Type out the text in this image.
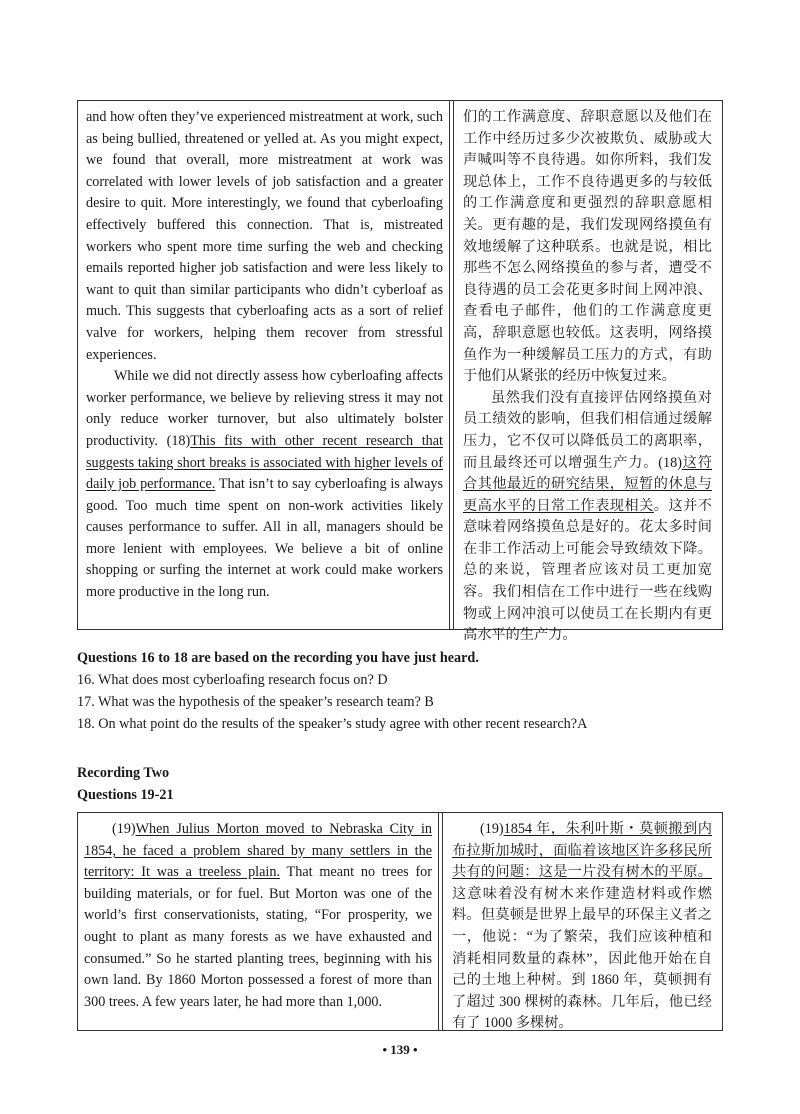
and how often they’ve experienced mistreatment at work, such as being bullied, threatened or yelled at. As you might expect, we found that overall, more mistreatment at work was correlated with lower levels of job satisfaction and a greater desire to quit. More interestingly, we found that cyberloafing effectively buffered this connection. That is, mistreated workers who spent more time surfing the web and checking emails reported higher job satisfaction and were less likely to want to quit than similar participants who didn’t cyberloaf as much. This suggests that cyberloafing acts as a sort of relief valve for workers, helping them recover from stressful experiences.

While we did not directly assess how cyberloafing affects worker performance, we believe by relieving stress it may not only reduce worker turnover, but also ultimately bolster productivity. (18)This fits with other recent research that suggests taking short breaks is associated with higher levels of daily job performance. That isn’t to say cyberloafing is always good. Too much time spent on non-work activities likely causes performance to suffer. All in all, managers should be more lenient with employees. We believe a bit of online shopping or surfing the internet at work could make workers more productive in the long run.

们的工作满意度、辞职意愿以及他们在工作中经历过多少次被欺负、威胁或大声喊叫等不良待遇。如你所料，我们发现总体上，工作不良待遇更多的与较低的工作满意度和更强烈的辞职意愿相关。更有趣的是，我们发现网络摸鱼有效地缓解了这种联系。也就是说，相比那些不怎么网络摸鱼的参与者，遭受不良待遇的员工会花更多时间上网冲浪、查看电子邮件，他们的工作满意度更高，辞职意愿也较低。这表明，网络摸鱼作为一种缓解员工压力的方式，有助于他们从紧张的经历中恢复过来。

虽然我们没有直接评估网络摸鱼对员工绩效的影响，但我们相信通过缓解压力，它不仅可以降低员工的离职率，而且最终还可以增强生产力。(18)这符合其他最近的研究结果，短暂的休息与更高水平的日常工作表现相关。这并不意味着网络摸鱼总是好的。花太多时间在非工作活动上可能会导致绩效下降。总的来说，管理者应该对员工更加宽容。我们相信在工作中进行一些在线购物或上网冲浪可以使员工在长期内有更高水平的生产力。

Questions 16 to 18 are based on the recording you have just heard.

16. What does most cyberloafing research focus on? D

17. What was the hypothesis of the speaker’s research team? B

18. On what point do the results of the speaker’s study agree with other recent research?A

Recording Two

Questions 19-21

(19)When Julius Morton moved to Nebraska City in 1854, he faced a problem shared by many settlers in the territory: It was a treeless plain. That meant no trees for building materials, or for fuel. But Morton was one of the world’s first conservationists, stating, “For prosperity, we ought to plant as many forests as we have exhausted and consumed.” So he started planting trees, beginning with his own land. By 1860 Morton possessed a forest of more than 300 trees. A few years later, he had more than 1,000.

(19)1854 年，朱利叶斯・莫顿搬到内布拉斯加城时，面临着该地区许多移民所共有的问题：这是一片没有树木的平原。这意味着没有树木来作建造材料或作燃料。但莫顿是世界上最早的环保主义者之一，他说：“为了繁荣，我们应该种植和消耗相同数量的森林”，因此他开始在自己的土地上种树。到 1860 年，莫顿拥有了超过 300 棵树的森林。几年后，他已经有了 1000 多棵树。

• 139 •
